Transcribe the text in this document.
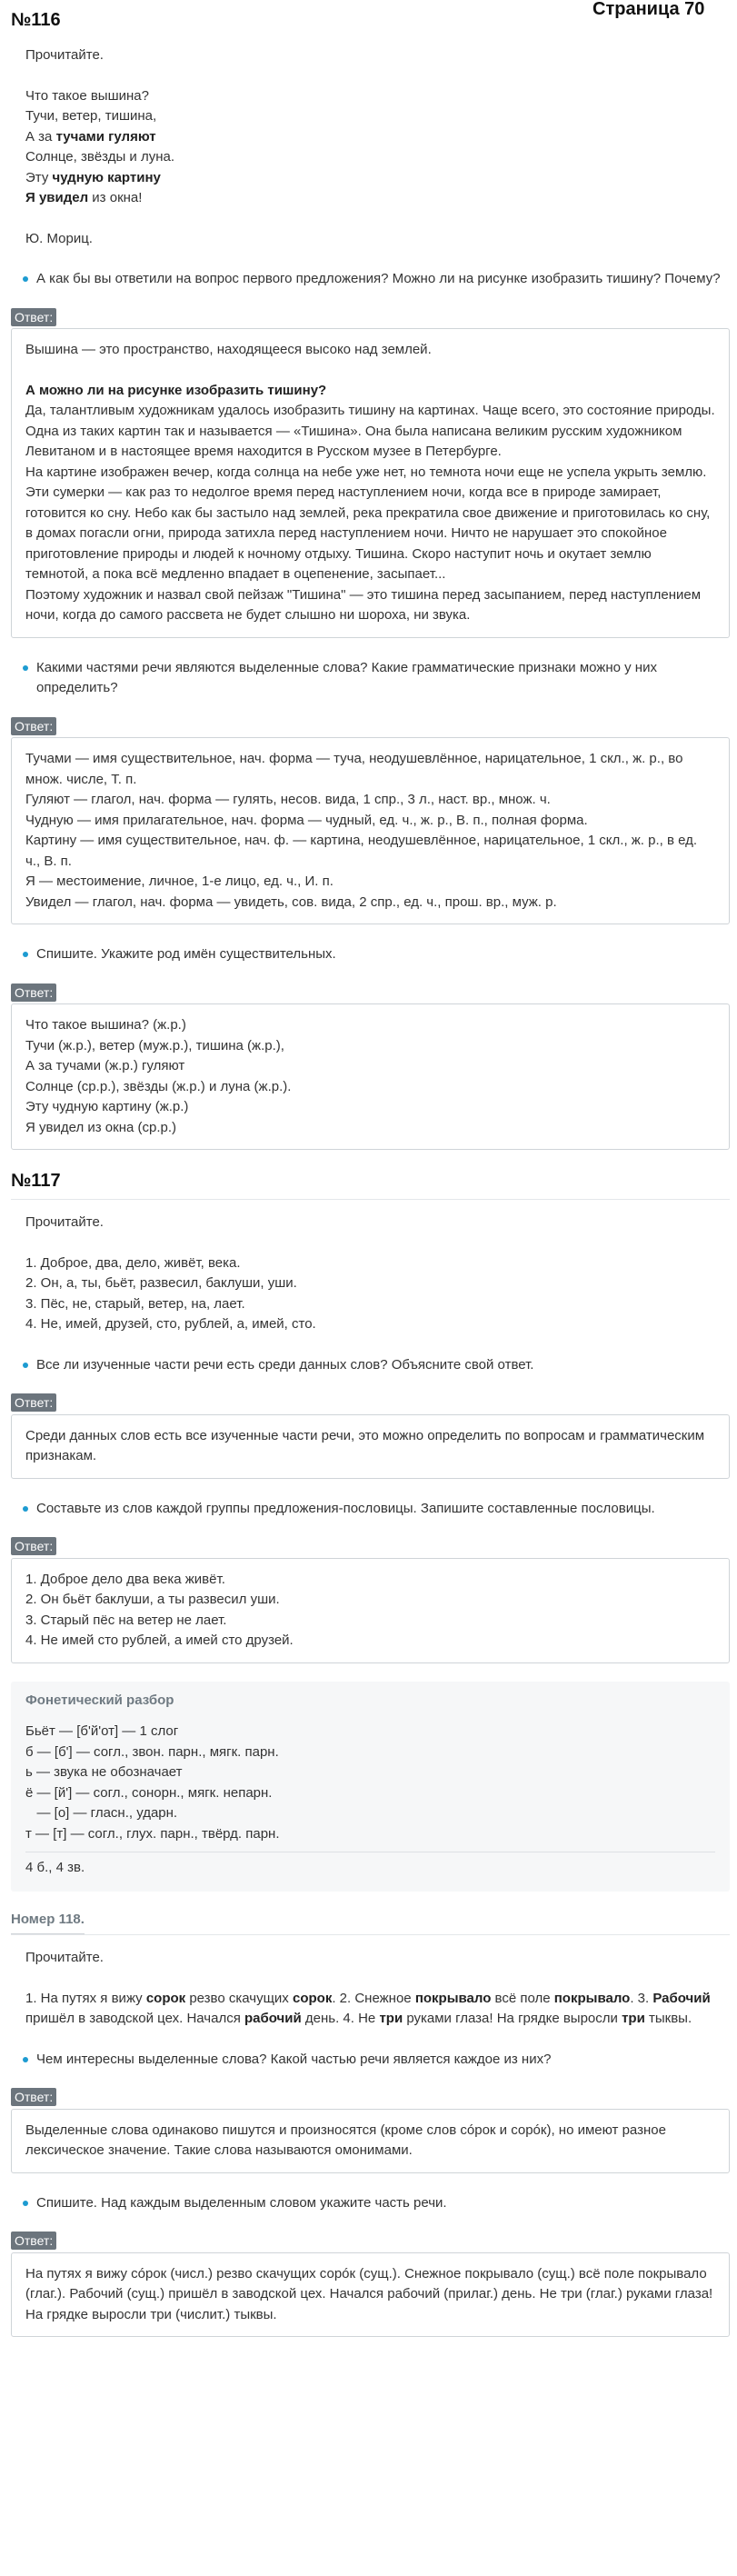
Страница 70
№116

Прочитайте.

Что такое вышина?

Тучи, ветер, тишина,

А за тучами гуляют

Солнце, звёзды и луна.

Эту чудную картину

Я увидел из окна!

Ю. Мориц.

А как бы вы ответили на вопрос первого предложения? Можно ли на рисунке изобразить тишину? Почему?
Ответ:

Вышина — это пространство, находящееся высоко над землей.

А можно ли на рисунке изобразить тишину?

Да, талантливым художникам удалось изобразить тишину на картинах. Чаще всего, это состояние природы. Одна из таких картин так и называется — «Тишина». Она была написана великим русским художником Левитаном и в настоящее время находится в Русском музее в Петербурге.

На картине изображен вечер, когда солнца на небе уже нет, но темнота ночи еще не успела укрыть землю. Эти сумерки — как раз то недолгое время перед наступлением ночи, когда все в природе замирает, готовится ко сну. Небо как бы застыло над землей, река прекратила свое движение и приготовилась ко сну, в домах погасли огни, природа затихла перед наступлением ночи. Ничто не нарушает это спокойное приготовление природы и людей к ночному отдыху. Тишина. Скоро наступит ночь и окутает землю темнотой, а пока всё медленно впадает в оцепенение, засыпает...

Поэтому художник и назвал свой пейзаж "Тишина" — это тишина перед засыпанием, перед наступлением ночи, когда до самого рассвета не будет слышно ни шороха, ни звука.

Какими частями речи являются выделенные слова? Какие грамматические признаки можно у них определить?
Ответ:

Тучами — имя существительное, нач. форма — туча, неодушевлённое, нарицательное, 1 скл., ж. р., во множ. числе, Т. п.

Гуляют — глагол, нач. форма — гулять, несов. вида, 1 спр., 3 л., наст. вр., множ. ч.

Чудную — имя прилагательное, нач. форма — чудный, ед. ч., ж. р., В. п., полная форма.

Картину — имя существительное, нач. ф. — картина, неодушевлённое, нарицательное, 1 скл., ж. р., в ед. ч., В. п.

Я — местоимение, личное, 1-е лицо, ед. ч., И. п.

Увидел — глагол, нач. форма — увидеть, сов. вида, 2 спр., ед. ч., прош. вр., муж. р.

Спишите. Укажите род имён существительных.
Ответ:

Что такое вышина? (ж.р.)

Тучи (ж.р.), ветер (муж.р.), тишина (ж.р.),

А за тучами (ж.р.) гуляют

Солнце (ср.р.), звёзды (ж.р.) и луна (ж.р.).

Эту чудную картину (ж.р.)

Я увидел из окна (ср.р.)

№117

Прочитайте.

1. Доброе, два, дело, живёт, века.

2. Он, а, ты, бьёт, развесил, баклуши, уши.

3. Пёс, не, старый, ветер, на, лает.

4. Не, имей, друзей, сто, рублей, а, имей, сто.

Все ли изученные части речи есть среди данных слов? Объясните свой ответ.
Ответ:

Среди данных слов есть все изученные части речи, это можно определить по вопросам и грамматическим признакам.

Составьте из слов каждой группы предложения-пословицы. Запишите составленные пословицы.
Ответ:

1. Доброе дело два века живёт.

2. Он бьёт баклуши, а ты развесил уши.

3. Старый пёс на ветер не лает.

4. Не имей сто рублей, а имей сто друзей.

Фонетический разбор

Бьёт — [б'й'от] — 1 слог

б — [б'] — согл., звон. парн., мягк. парн.

ь — звука не обозначает

ё — [й'] — согл., сонорн., мягк. непарн.

— [о] — гласн., ударн.

т — [т] — согл., глух. парн., твёрд. парн.

4 б., 4 зв.

Номер 118.

Прочитайте.

1. На путях я вижу сорок резво скачущих сорок. 2. Снежное покрывало всё поле покрывало. 3. Рабочий пришёл в заводской цех. Начался рабочий день. 4. Не три руками глаза! На грядке выросли три тыквы.

Чем интересны выделенные слова? Какой частью речи является каждое из них?
Ответ:

Выделенные слова одинаково пишутся и произносятся (кроме слов сóрок и сорóк), но имеют разное лексическое значение. Такие слова называются омонимами.

Спишите. Над каждым выделенным словом укажите часть речи.
Ответ:

На путях я вижу сóрок (числ.) резво скачущих сорóк (сущ.). Снежное покрывало (сущ.) всё поле покрывало (глаг.). Рабочий (сущ.) пришёл в заводской цех. Начался рабочий (прилаг.) день. Не три (глаг.) руками глаза! На грядке выросли три (числит.) тыквы.
